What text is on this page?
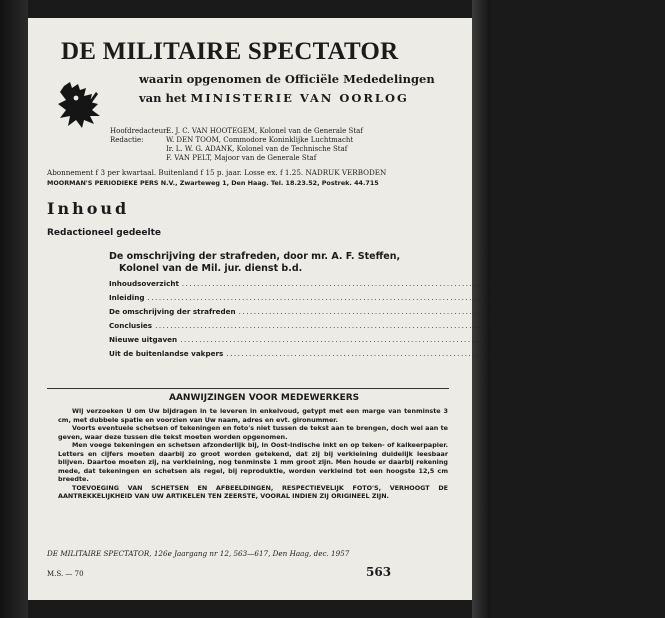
DE MILITAIRE SPECTATOR
waarin opgenomen de Officiële Mededelingen
van het MINISTERIE VAN OORLOG
Hoofdredacteur:E. J. C. VAN HOOTEGEM, Kolonel van de Generale Staf
Redactie:	W. DEN TOOM, Commodore Koninklijke Luchtmacht
Ir. L. W. G. ADANK, Kolonel van de Technische Staf
F. VAN PELT, Majoor van de Generale Staf
Abonnement f 3 per kwartaal. Buitenland f 15 p. jaar. Losse ex. f 1.25. NADRUK VERBODEN
MOORMAN'S PERIODIEKE PERS N.V., Zwarteweg 1, Den Haag. Tel. 18.23.52, Postrek. 44.715
Inhoud
Redactioneel gedeelte
De omschrijving der strafreden, door mr. A. F. Steffen,
Kolonel van de Mil. jur. dienst b.d.
Inhoudsoverzicht ............................................................................................................ 564
Inleiding ............................................................................................................ 565
De omschrijving der strafreden ............................................................................................................ 575
Conclusies ............................................................................................................ 613
Nieuwe uitgaven ............................................................................................................ 615
Uit de buitenlandse vakpers ............................................................................................................ 616
AANWIJZINGEN VOOR MEDEWERKERS

Wij verzoeken U om Uw bijdragen in te leveren in enkelvoud, getypt met een marge van tenminste 3 cm, met dubbele spatie en voorzien van Uw naam, adres en evt. gironummer.

Voorts eventuele schetsen of tekeningen en foto's niet tussen de tekst aan te brengen, doch wel aan te geven, waar deze tussen die tekst moeten worden opgenomen.

Men voege tekeningen en schetsen afzonderlijk bij, in Oost-Indische inkt en op teken- of kalkeerpapier. Letters en cijfers moeten daarbij zo groot worden getekend, dat zij bij verkleining duidelijk leesbaar blijven. Daartoe moeten zij, na verkleining, nog tenminste 1 mm groot zijn. Men houde er daarbij rekening mede, dat tekeningen en schetsen als regel, bij reproduktie, worden verkleind tot een hoogste 12,5 cm breedte.

TOEVOEGING VAN SCHETSEN EN AFBEELDINGEN, RESPECTIEVELIJK FOTO'S, VERHOOGT DE AANTREKKELIJKHEID VAN UW ARTIKELEN TEN ZEERSTE, VOORAL INDIEN ZIJ ORIGINEEL ZIJN.

DE MILITAIRE SPECTATOR, 126e Jaargang nr 12, 563—617, Den Haag, dec. 1957
M.S. — 70	563
